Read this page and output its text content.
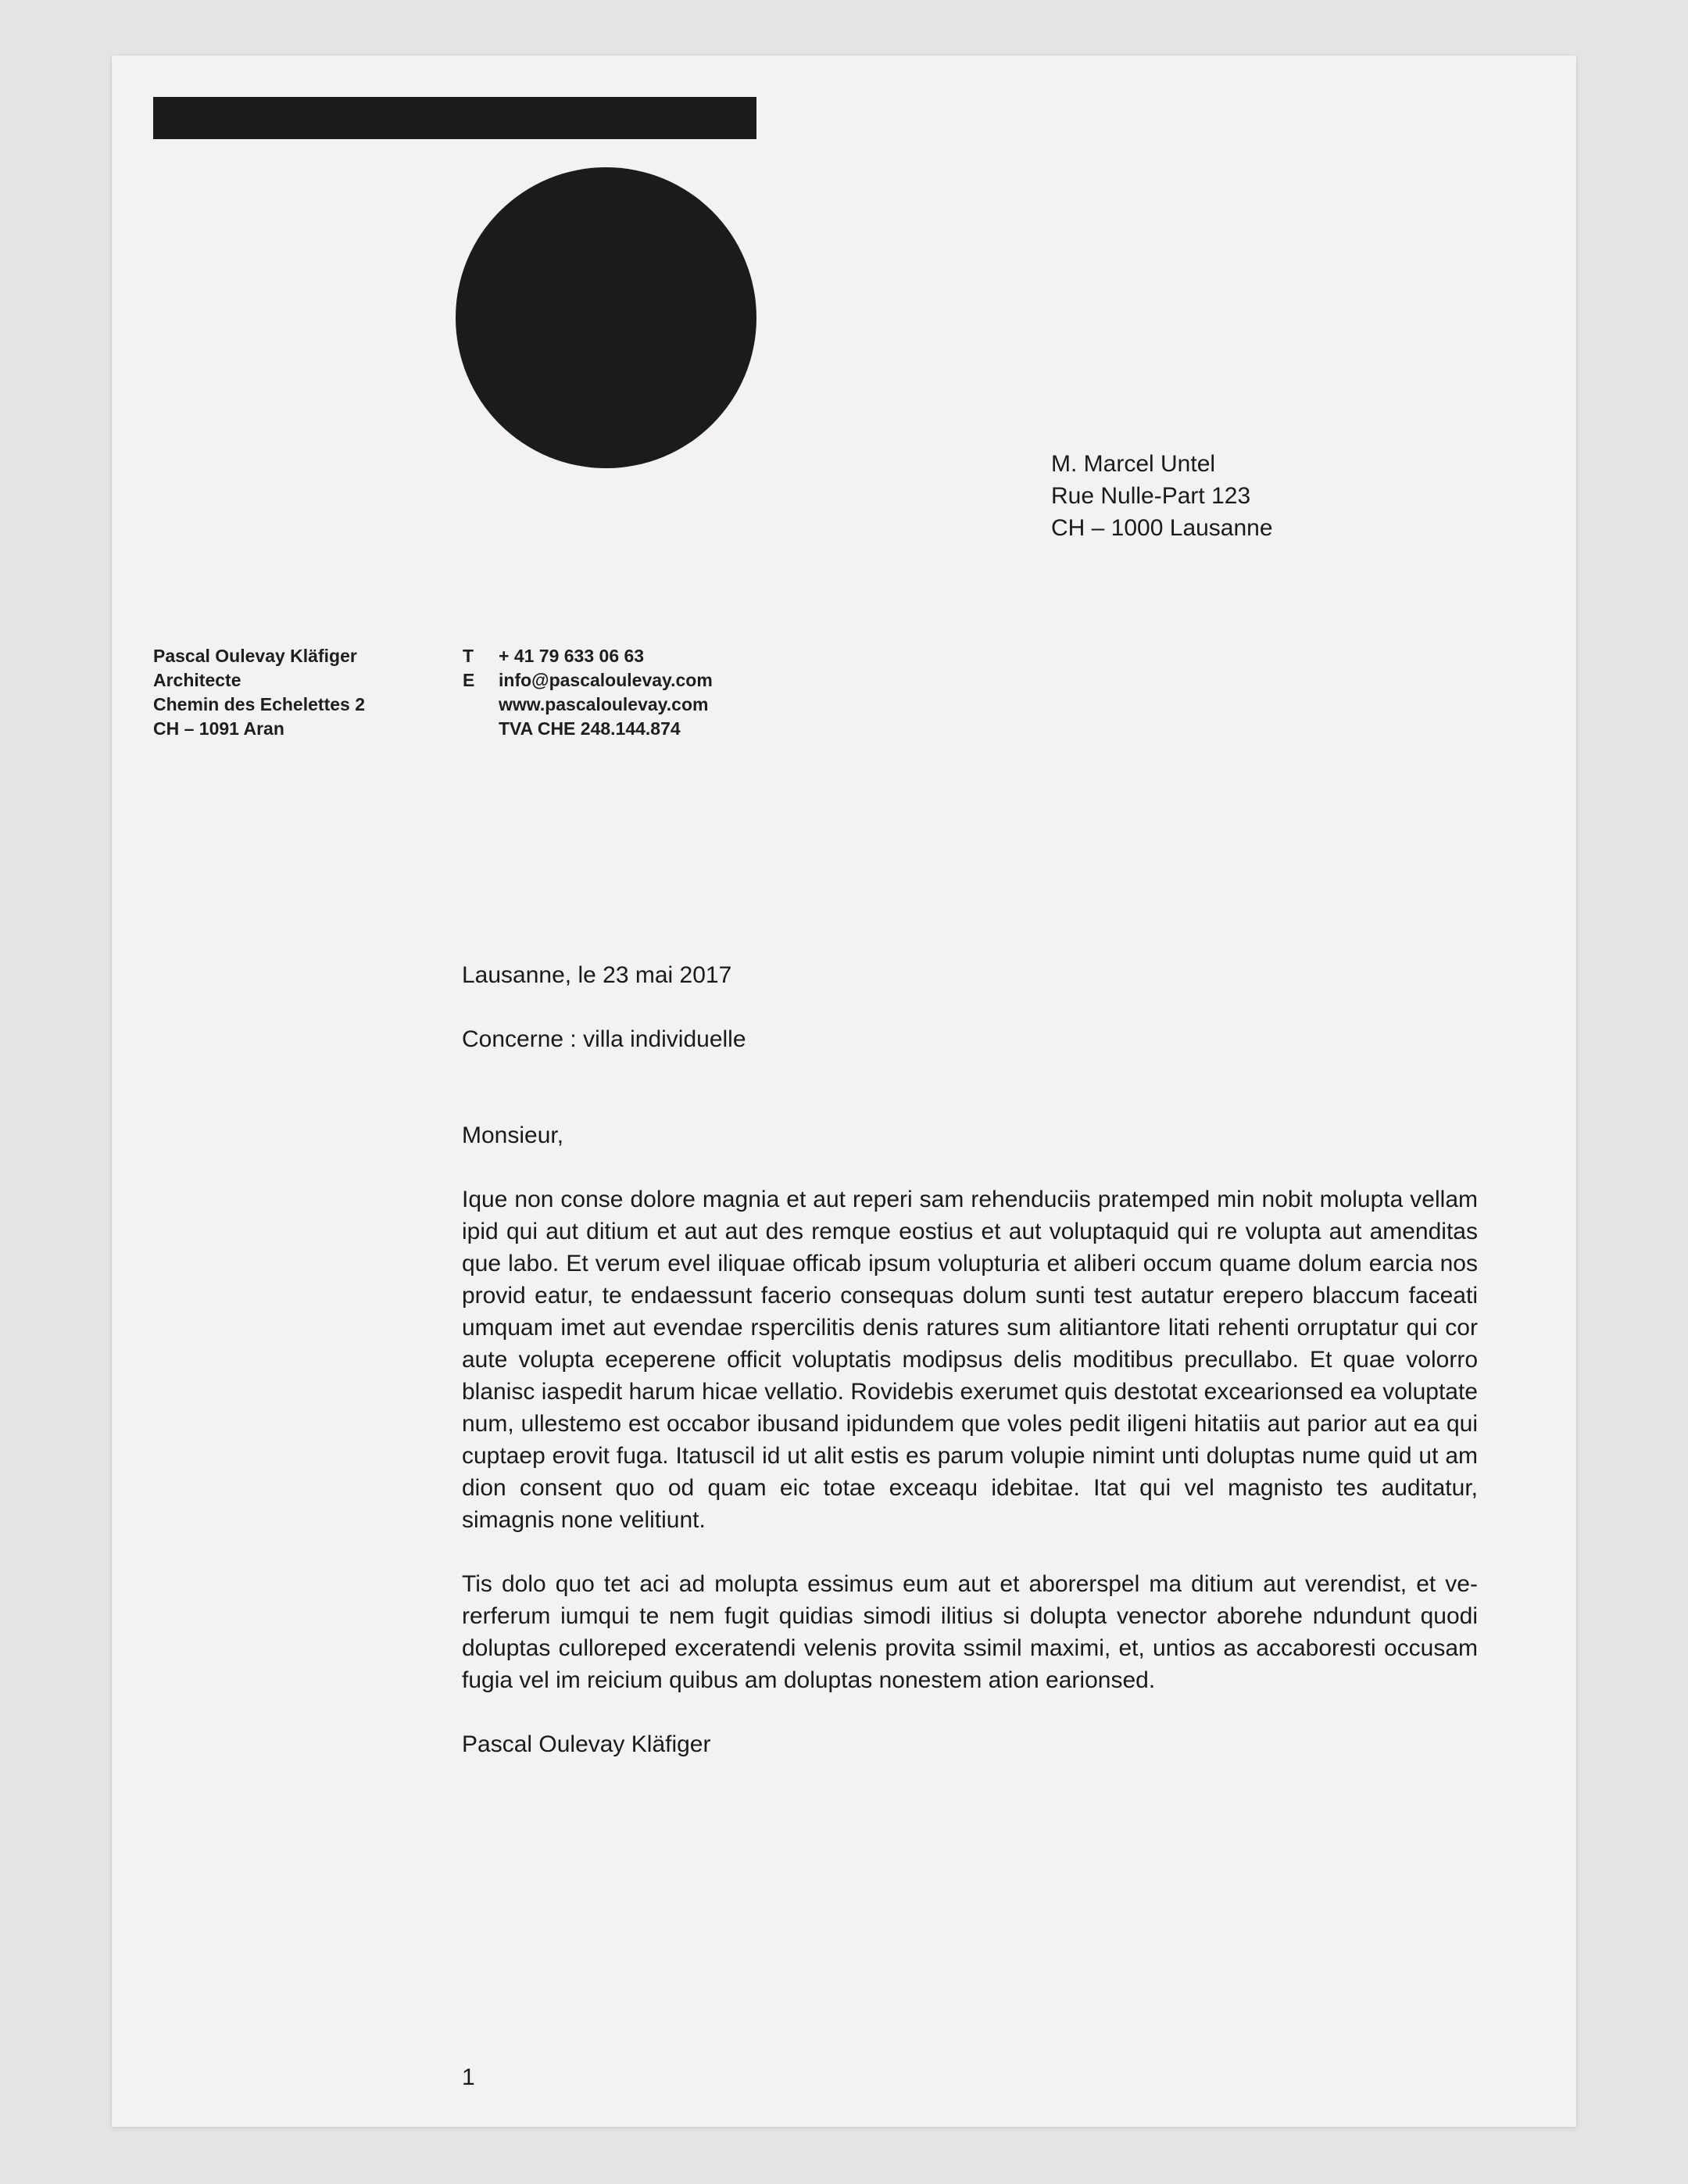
M. Marcel Untel
Rue Nulle-Part 123
CH – 1000 Lausanne
Pascal Oulevay Kläfiger
Architecte
Chemin des Echelettes 2
CH – 1091 Aran
T	+ 41 79 633 06 63
E	info@pascaloulevay.com
www.pascaloulevay.com
TVA CHE 248.144.874

Lausanne, le 23 mai 2017

Concerne : villa individuelle

Monsieur,

Ique non conse dolore magnia et aut reperi sam rehenduciis pratemped min nobit molupta vellam ipid qui aut ditium et aut aut des remque eostius et aut voluptaquid qui re volupta aut amenditas que labo. Et verum evel iliquae officab ipsum volupturia et aliberi occum quame dolum earcia nos provid eatur, te endaessunt facerio consequas dolum sunti test autatur erepero blaccum faceati umquam imet aut evendae rspercilitis denis ratures sum alitiantore litati rehenti orruptatur qui cor aute volupta eceperene officit voluptatis modipsus delis moditibus precullabo. Et quae volorro blanisc iaspedit harum hicae vellatio. Rovidebis exerumet quis destotat excearionsed ea voluptate num, ullestemo est occabor ibusand ipidundem que voles pedit iligeni hitatiis aut parior aut ea qui cuptaep erovit fuga. Itatuscil id ut alit estis es parum volupie nimint unti doluptas nume quid ut am dion consent quo od quam eic totae exceaqu idebitae. Itat qui vel magnisto tes auditatur, simagnis none velitiunt.

Tis dolo quo tet aci ad molupta essimus eum aut et aborerspel ma ditium aut verendist, et vererferum iumqui te nem fugit quidias simodi ilitius si dolupta venector aborehe ndundunt quodi doluptas culloreped exceratendi velenis provita ssimil maximi, et, untios as accaboresti occusam fugia vel im reicium quibus am doluptas nonestem ation earionsed.

Pascal Oulevay Kläfiger

1
